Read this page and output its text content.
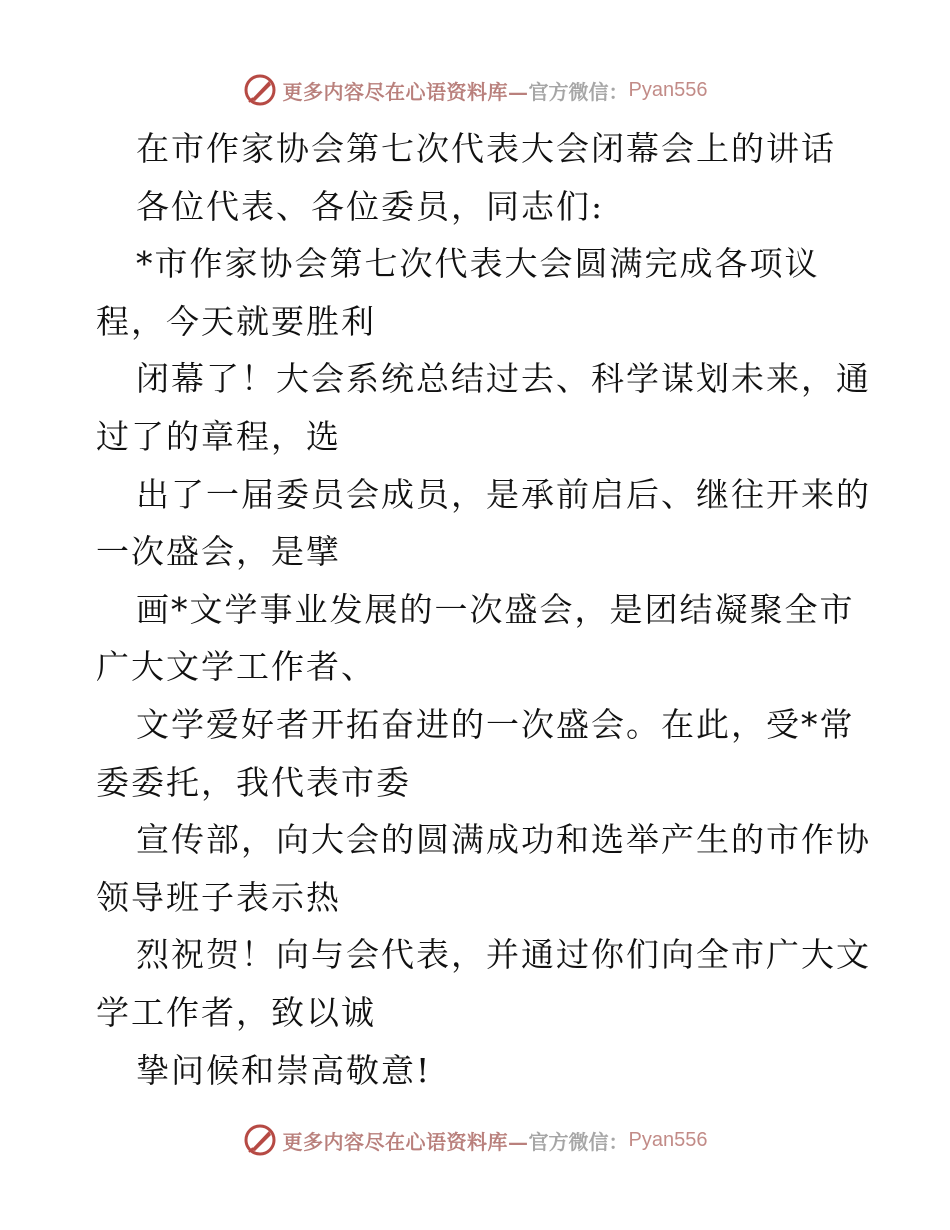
更多内容尽在心语资料库— 官方微信： Pyan556
在市作家协会第七次代表大会闭幕会上的讲话
各位代表、各位委员，同志们:
*市作家协会第七次代表大会圆满完成各项议
程，今天就要胜利
闭幕了！大会系统总结过去、科学谋划未来，通
过了的章程，选
出了一届委员会成员，是承前启后、继往开来的
一次盛会，是擘
画*文学事业发展的一次盛会，是团结凝聚全市
广大文学工作者、
文学爱好者开拓奋进的一次盛会。在此，受*常
委委托，我代表市委
宣传部，向大会的圆满成功和选举产生的市作协
领导班子表示热
烈祝贺！向与会代表，并通过你们向全市广大文
学工作者，致以诚
挚问候和崇高敬意!
更多内容尽在心语资料库— 官方微信： Pyan556
